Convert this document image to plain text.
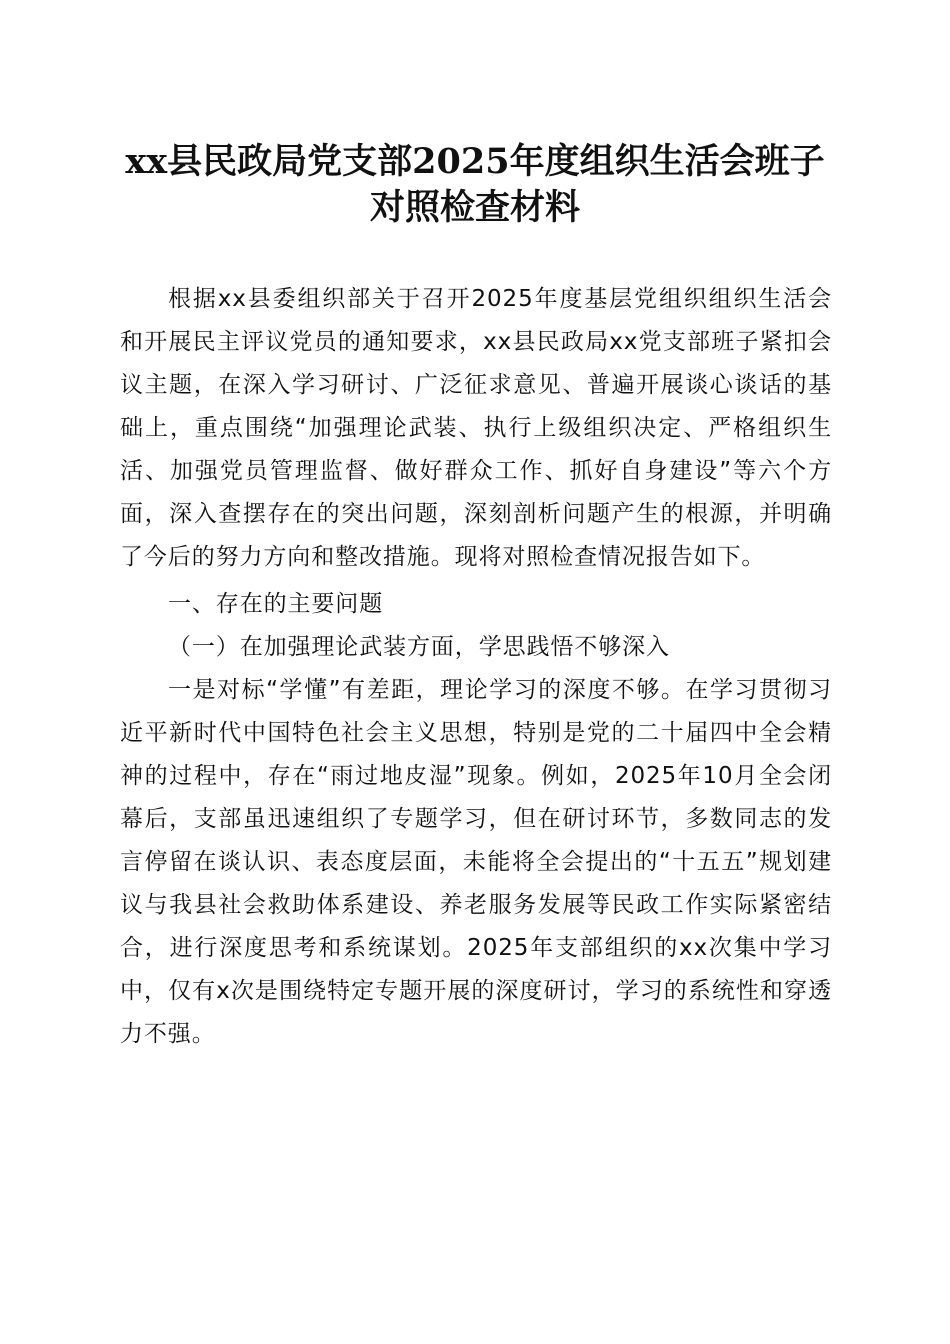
xx县民政局党支部2025年度组织生活会班子
对照检查材料

根据xx县委组织部关于召开2025年度基层党组织组织生活会和开展民主评议党员的通知要求，xx县民政局xx党支部班子紧扣会议主题，在深入学习研讨、广泛征求意见、普遍开展谈心谈话的基础上，重点围绕“加强理论武装、执行上级组织决定、严格组织生活、加强党员管理监督、做好群众工作、抓好自身建设”等六个方面，深入查摆存在的突出问题，深刻剖析问题产生的根源，并明确了今后的努力方向和整改措施。现将对照检查情况报告如下。

一、存在的主要问题

（一）在加强理论武装方面，学思践悟不够深入

一是对标“学懂”有差距，理论学习的深度不够。在学习贯彻习近平新时代中国特色社会主义思想，特别是党的二十届四中全会精神的过程中，存在“雨过地皮湿”现象。例如，2025年10月全会闭幕后，支部虽迅速组织了专题学习，但在研讨环节，多数同志的发言停留在谈认识、表态度层面，未能将全会提出的“十五五”规划建议与我县社会救助体系建设、养老服务发展等民政工作实际紧密结合，进行深度思考和系统谋划。2025年支部组织的xx次集中学习中，仅有x次是围绕特定专题开展的深度研讨，学习的系统性和穿透力不强。
